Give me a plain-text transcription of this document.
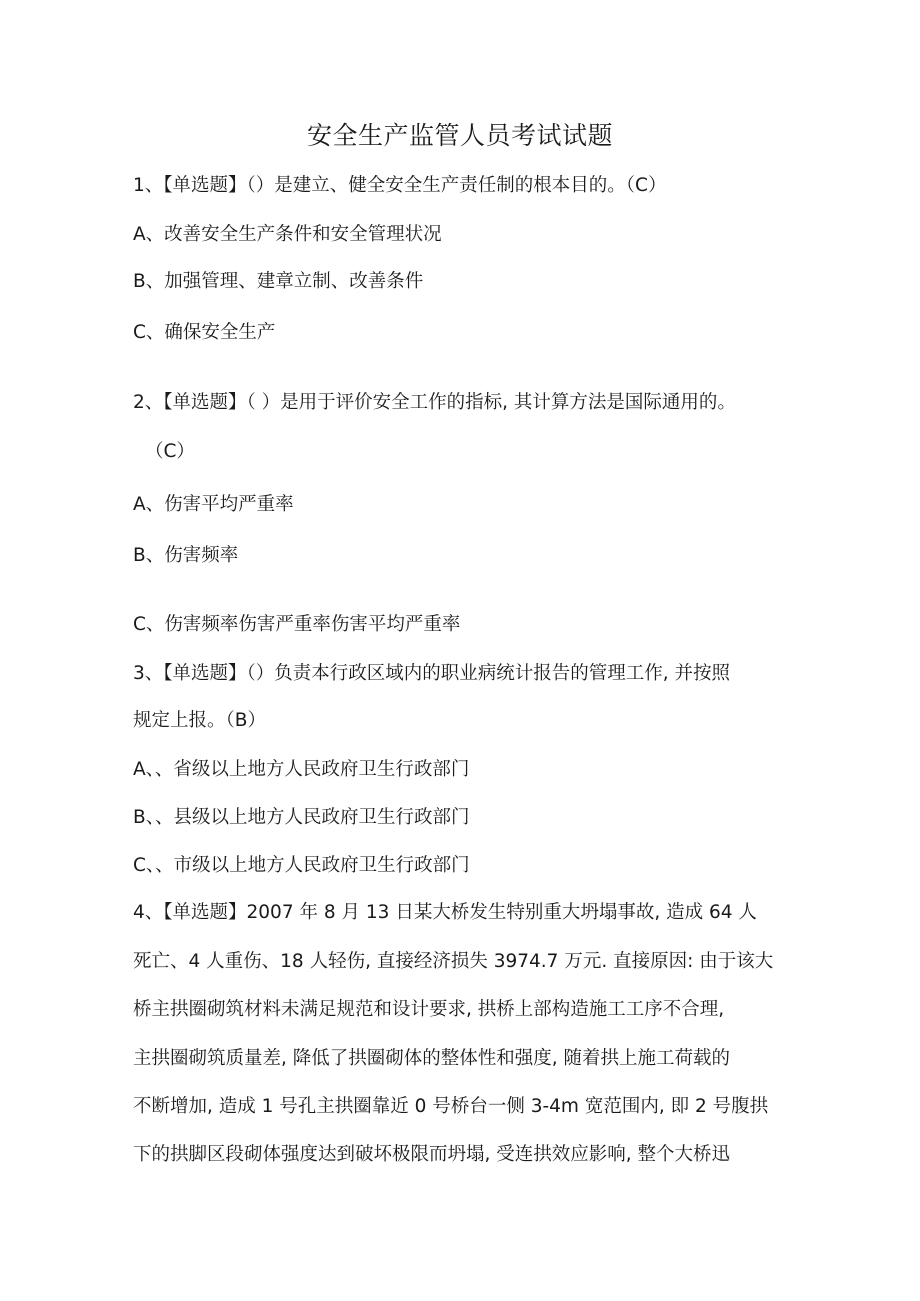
安全生产监管人员考试试题

1、【单选题】（）是建立、健全安全生产责任制的根本目的。（C）

A、改善安全生产条件和安全管理状况

B、加强管理、建章立制、改善条件

C、确保安全生产

2、【单选题】（ ）是用于评价安全工作的指标, 其计算方法是国际通用的。

（C）

A、伤害平均严重率

B、伤害频率

C、伤害频率伤害严重率伤害平均严重率

3、【单选题】（）负责本行政区域内的职业病统计报告的管理工作, 并按照

规定上报。（B）

A、、省级以上地方人民政府卫生行政部门

B、、县级以上地方人民政府卫生行政部门

C、、市级以上地方人民政府卫生行政部门

4、【单选题】2007 年 8 月 13 日某大桥发生特别重大坍塌事故, 造成 64 人

死亡、4 人重伤、18 人轻伤, 直接经济损失 3974.7 万元. 直接原因: 由于该大

桥主拱圈砌筑材料未满足规范和设计要求, 拱桥上部构造施工工序不合理,

主拱圈砌筑质量差, 降低了拱圈砌体的整体性和强度, 随着拱上施工荷载的

不断增加, 造成 1 号孔主拱圈靠近 0 号桥台一侧 3-4m 宽范围内, 即 2 号腹拱

下的拱脚区段砌体强度达到破坏极限而坍塌, 受连拱效应影响, 整个大桥迅
